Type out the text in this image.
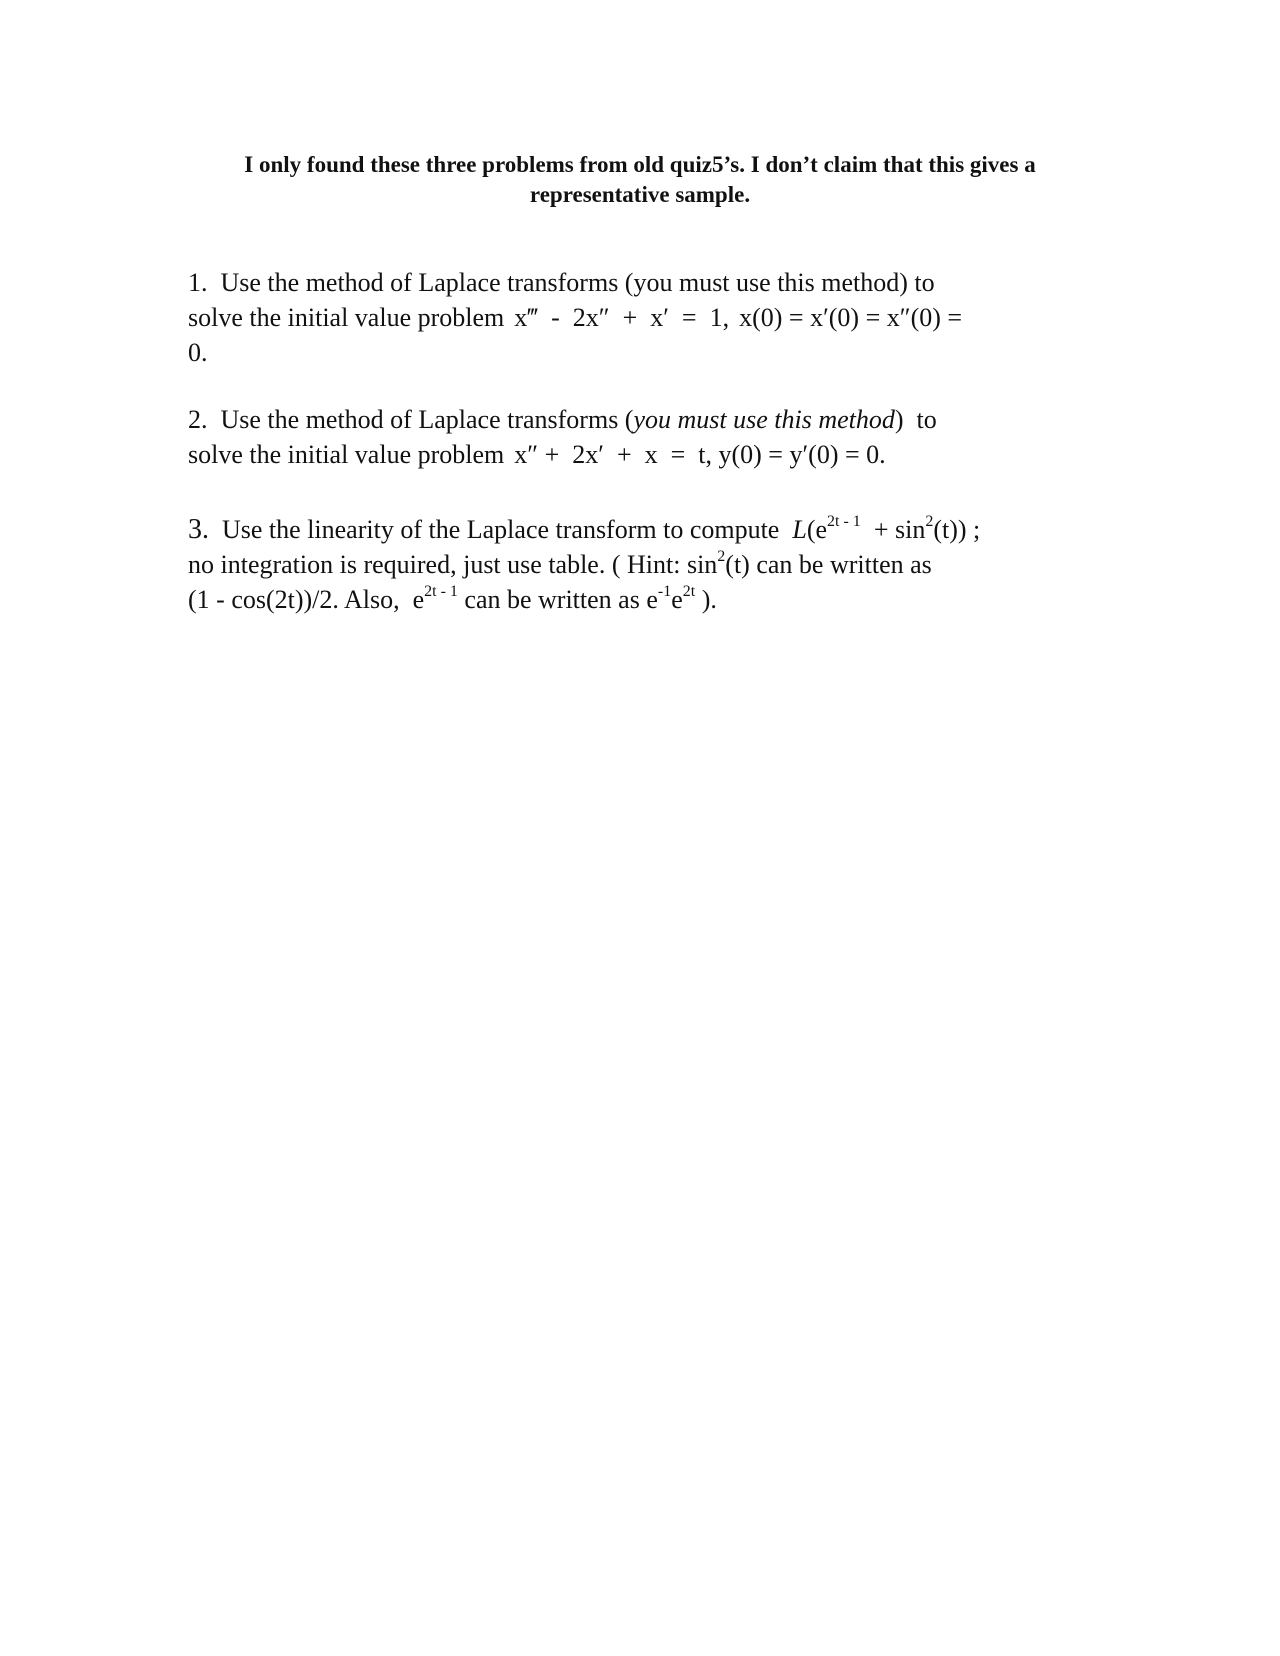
I only found these three problems from old quiz5’s. I don’t claim that this gives a
representative sample.
1. Use the method of Laplace transforms (you must use this method) to
solve the initial value problem x‴  -  2x″  +  x′  =  1, x(0) = x′(0) = x″(0) =
0.
2. Use the method of Laplace transforms (you must use this method)  to
solve the initial value problem x″ +  2x′  +  x  =  t, y(0) = y′(0) = 0.
3. Use the linearity of the Laplace transform to compute $L(e^{2t - 1} + \sin^2(t))$ ;
no integration is required, just use table. ( Hint: $\sin^2(t)$ can be written as
(1 - cos(2t))/2. Also,  $e^{2t - 1}$ can be written as $e^{-1}e^{2t}$ ).
